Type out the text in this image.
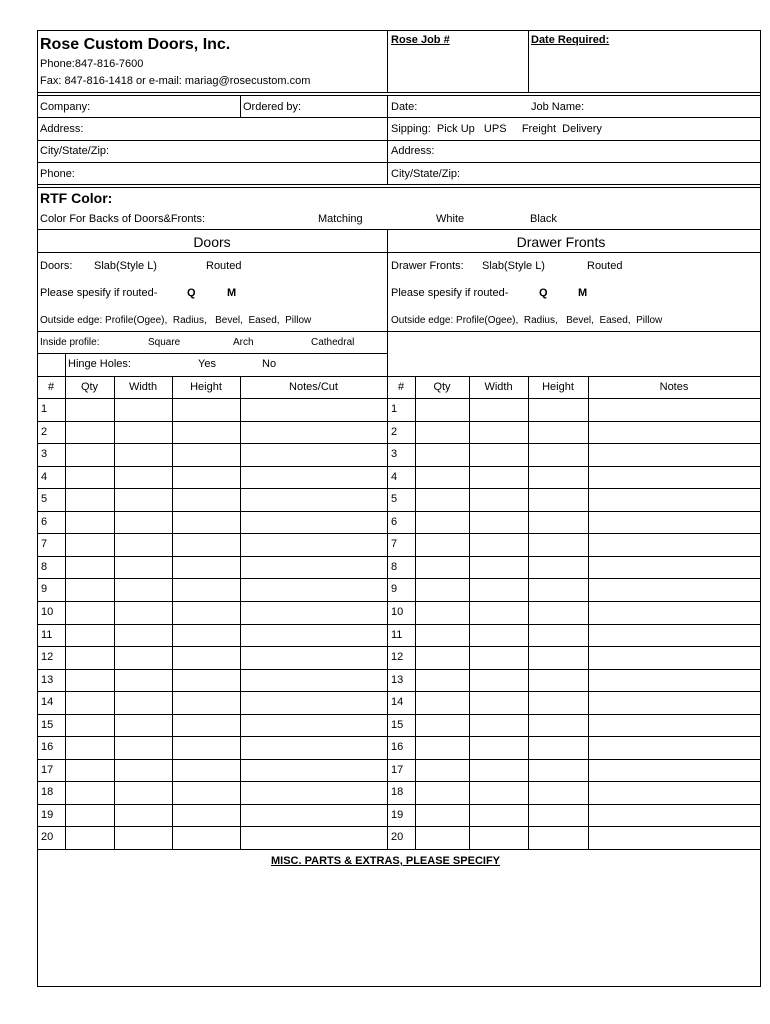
Rose Custom Doors, Inc.
Phone:847-816-7600
Fax: 847-816-1418 or e-mail: mariag@rosecustom.com
Rose Job #	Date Required:
Company:	Ordered by:
Address:
City/State/Zip:
Phone:
Date:	Job Name:
Sipping:  Pick Up   UPS     Freight  Delivery
Address:
City/State/Zip:
RTF Color:
Color For Backs of Doors&Fronts:	Matching	White	Black
Doors	Drawer Fronts
Doors: Slab(Style L)	Routed
Please spesify if routed-	Q	M
Outside edge: Profile(Ogee),  Radius,   Bevel,  Eased,  Pillow
Inside profile:	Square	Arch	Cathedral
Hinge Holes:	Yes	No
Drawer Fronts: Slab(Style L)	Routed
Please spesify if routed-	Q	M
Outside edge: Profile(Ogee),  Radius,   Bevel,  Eased,  Pillow
#	Qty	Width	Height	Notes/Cut	#	Qty	Width	Height	Notes
1	1
2	2
3	3
4	4
5	5
6	6
7	7
8	8
9	9
10	10
11	11
12	12
13	13
14	14
15	15
16	16
17	17
18	18
19	19
20	20
MISC. PARTS & EXTRAS, PLEASE SPECIFY
